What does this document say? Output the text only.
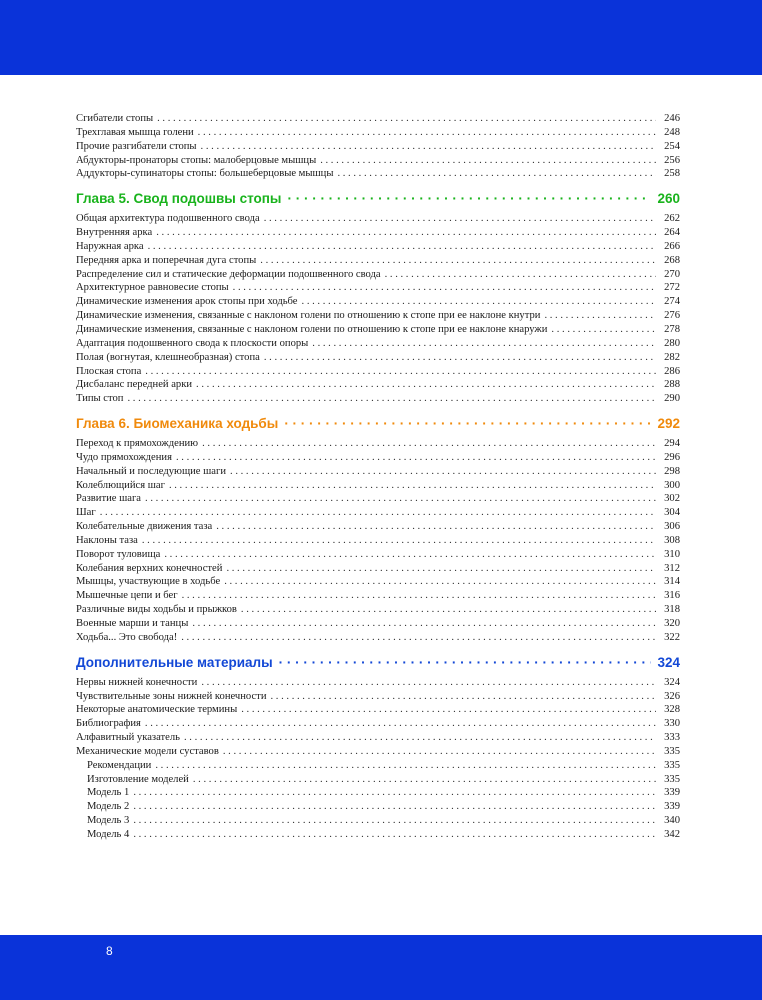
Сгибатели стопы . . .	246
Трехглавая мышца голени . . .	248
Прочие разгибатели стопы . . .	254
Абдукторы-пронаторы стопы: малоберцовые мышцы . . .	256
Аддукторы-супинаторы стопы: большеберцовые мышцы . . .	258
Глава 5. Свод подошвы стопы · · ·	260
Общая архитектура подошвенного свода . . .	262
Внутренняя арка . . .	264
Наружная арка . . .	266
Передняя арка и поперечная дуга стопы . . .	268
Распределение сил и статические деформации подошвенного свода . . .	270
Архитектурное равновесие стопы . . .	272
Динамические изменения арок стопы при ходьбе . . .	274
Динамические изменения, связанные с наклоном голени по отношению к стопе при ее наклоне кнутри . . .	276
Динамические изменения, связанные с наклоном голени по отношению к стопе при ее наклоне кнаружи . . .	278
Адаптация подошвенного свода к плоскости опоры . . .	280
Полая (вогнутая, клешнеобразная) стопа . . .	282
Плоская стопа . . .	286
Дисбаланс передней арки . . .	288
Типы стоп . . .	290
Глава 6. Биомеханика ходьбы · · ·	292
Переход к прямохождению . . .	294
Чудо прямохождения . . .	296
Начальный и последующие шаги . . .	298
Колеблющийся шаг . . .	300
Развитие шага . . .	302
Шаг . . .	304
Колебательные движения таза . . .	306
Наклоны таза . . .	308
Поворот туловища . . .	310
Колебания верхних конечностей . . .	312
Мышцы, участвующие в ходьбе . . .	314
Мышечные цепи и бег . . .	316
Различные виды ходьбы и прыжков . . .	318
Военные марши и танцы . . .	320
Ходьба... Это свобода! . . .	322
Дополнительные материалы · · ·	324
Нервы нижней конечности . . .	324
Чувствительные зоны нижней конечности . . .	326
Некоторые анатомические термины . . .	328
Библиография . . .	330
Алфавитный указатель . . .	333
Механические модели суставов . . .	335
Рекомендации . . .	335
Изготовление моделей . . .	335
Модель 1 . . .	339
Модель 2 . . .	339
Модель 3 . . .	340
Модель 4 . . .	342
8
